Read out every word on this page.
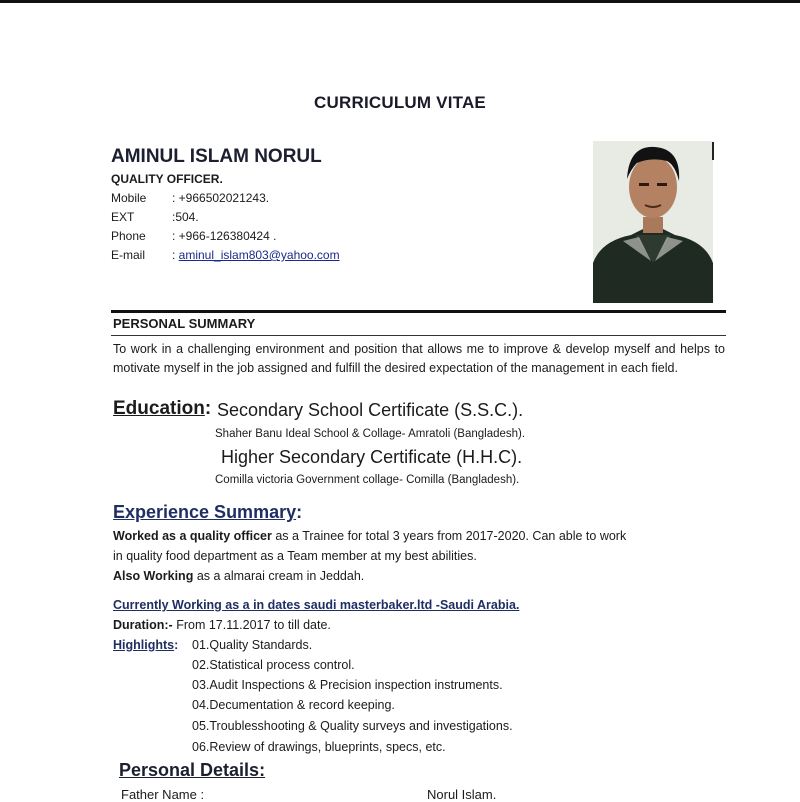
CURRICULUM VITAE
AMINUL ISLAM NORUL
QUALITY OFFICER.
Mobile : +966502021243.
EXT	:504.
Phone : +966-126380424 .
E-mail : aminul_islam803@yahoo.com
PERSONAL SUMMARY
To work in a challenging environment and position that allows me to improve & develop myself and helps to motivate myself in the job assigned and fulfill the desired expectation of the management in each field.
Education: Secondary School Certificate (S.S.C.).
Shaher Banu Ideal School & Collage- Amratoli (Bangladesh).
Higher Secondary Certificate (H.H.C).
Comilla victoria Government collage- Comilla (Bangladesh).
Experience Summary:
Worked as a quality officer as a Trainee for total 3 years from 2017-2020. Can able to work
in quality food department as a Team member at my best abilities.
Also Working as a almarai cream in Jeddah.
Currently Working as a in dates saudi masterbaker.ltd -Saudi Arabia.
Duration:- From 17.11.2017 to till date.
Highlights: 01.Quality Standards.
02.Statistical process control.
03.Audit Inspections & Precision inspection instruments.
04.Decumentation & record keeping.
05.Troublesshooting & Quality surveys and investigations.
06.Review of drawings, blueprints, specs, etc.
Personal Details:
Father Name :	Norul Islam.
